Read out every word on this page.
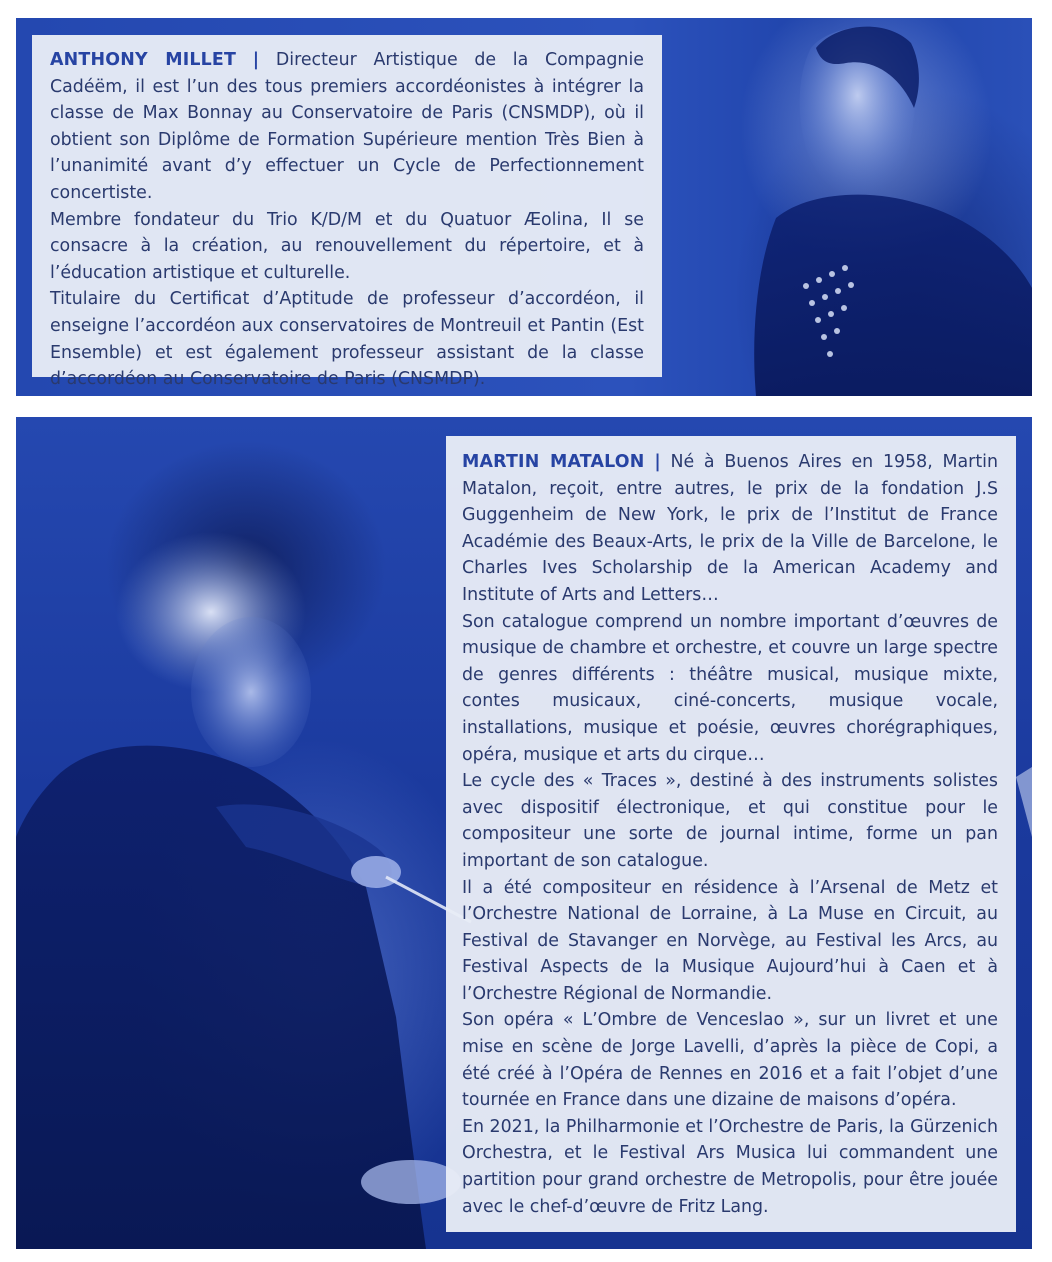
ANTHONY MILLET | Directeur Artistique de la Compagnie Cadéëm, il est l’un des tous premiers accordéonistes à intégrer la classe de Max Bonnay au Conservatoire de Paris (CNSMDP), où il obtient son Diplôme de Formation Supérieure mention Très Bien à l’unanimité avant d’y effectuer un Cycle de Perfectionnement concertiste.

Membre fondateur du Trio K/D/M et du Quatuor Æolina, Il se consacre à la création, au renouvellement du répertoire, et à l’éducation artistique et culturelle.

Titulaire du Certificat d’Aptitude de professeur d’accordéon, il enseigne l’accordéon aux conservatoires de Montreuil et Pantin (Est Ensemble) et est également professeur assistant de la classe d’accordéon au Conservatoire de Paris (CNSMDP).

MARTIN MATALON | Né à Buenos Aires en 1958, Martin Matalon, reçoit, entre autres, le prix de la fondation J.S Guggenheim de New York, le prix de l’Institut de France Académie des Beaux-Arts, le prix de la Ville de Barcelone, le Charles Ives Scholarship de la American Academy and Institute of Arts and Letters…

Son catalogue comprend un nombre important d’œuvres de musique de chambre et orchestre, et couvre un large spectre de genres différents : théâtre musical, musique mixte, contes musicaux, ciné-concerts, musique vocale, installations, musique et poésie, œuvres chorégraphiques, opéra, musique et arts du cirque…

Le cycle des « Traces », destiné à des instruments solistes avec dispositif électronique, et qui constitue pour le compositeur une sorte de journal intime, forme un pan important de son catalogue.

Il a été compositeur en résidence à l’Arsenal de Metz et l’Orchestre National de Lorraine, à La Muse en Circuit, au Festival de Stavanger en Norvège, au Festival les Arcs, au Festival Aspects de la Musique Aujourd’hui à Caen et à l’Orchestre Régional de Normandie.

Son opéra « L’Ombre de Venceslao », sur un livret et une mise en scène de Jorge Lavelli, d’après la pièce de Copi, a été créé à l’Opéra de Rennes en 2016 et a fait l’objet d’une tournée en France dans une dizaine de maisons d’opéra.

En 2021, la Philharmonie et l’Orchestre de Paris, la Gürzenich Orchestra, et le Festival Ars Musica lui commandent une partition pour grand orchestre de Metropolis, pour être jouée avec le chef-d’œuvre de Fritz Lang.
